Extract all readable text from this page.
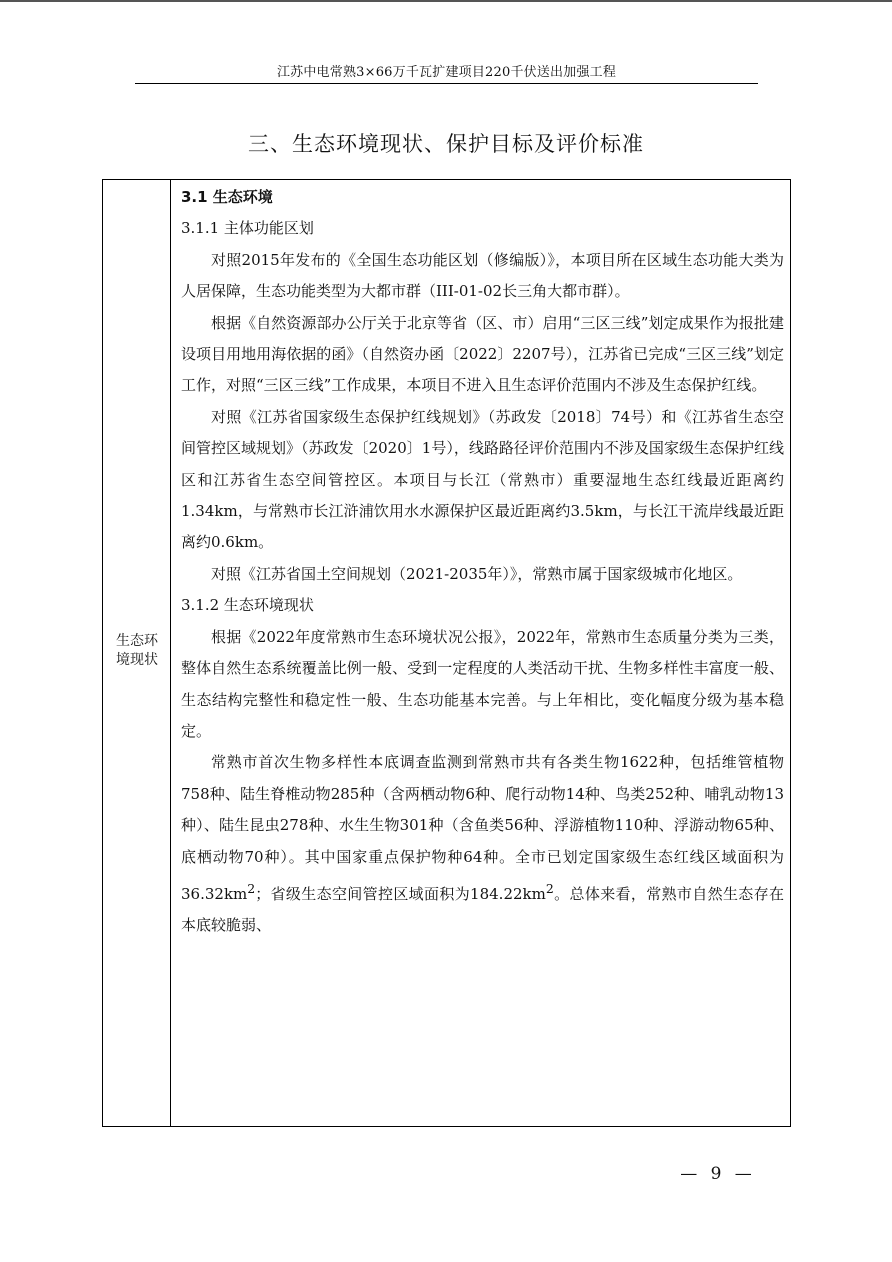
江苏中电常熟3×66万千瓦扩建项目220千伏送出加强工程
三、生态环境现状、保护目标及评价标准
生态环
境现状

3.1 生态环境

3.1.1 主体功能区划

对照2015年发布的《全国生态功能区划（修编版）》，本项目所在区域生态功能大类为人居保障，生态功能类型为大都市群（III-01-02长三角大都市群）。

根据《自然资源部办公厅关于北京等省（区、市）启用“三区三线”划定成果作为报批建设项目用地用海依据的函》（自然资办函〔2022〕2207号），江苏省已完成“三区三线”划定工作，对照“三区三线”工作成果，本项目不进入且生态评价范围内不涉及生态保护红线。

对照《江苏省国家级生态保护红线规划》（苏政发〔2018〕74号）和《江苏省生态空间管控区域规划》（苏政发〔2020〕1号），线路路径评价范围内不涉及国家级生态保护红线区和江苏省生态空间管控区。本项目与长江（常熟市）重要湿地生态红线最近距离约1.34km，与常熟市长江浒浦饮用水水源保护区最近距离约3.5km，与长江干流岸线最近距离约0.6km。

对照《江苏省国土空间规划（2021-2035年）》，常熟市属于国家级城市化地区。

3.1.2 生态环境现状

根据《2022年度常熟市生态环境状况公报》，2022年，常熟市生态质量分类为三类，整体自然生态系统覆盖比例一般、受到一定程度的人类活动干扰、生物多样性丰富度一般、生态结构完整性和稳定性一般、生态功能基本完善。与上年相比，变化幅度分级为基本稳定。

常熟市首次生物多样性本底调查监测到常熟市共有各类生物1622种，包括维管植物758种、陆生脊椎动物285种（含两栖动物6种、爬行动物14种、鸟类252种、哺乳动物13种）、陆生昆虫278种、水生生物301种（含鱼类56种、浮游植物110种、浮游动物65种、底栖动物70种）。其中国家重点保护物种64种。全市已划定国家级生态红线区域面积为$36.32km^2$；省级生态空间管控区域面积为$184.22km^2$。总体来看，常熟市自然生态存在本底较脆弱、

— 9 —
